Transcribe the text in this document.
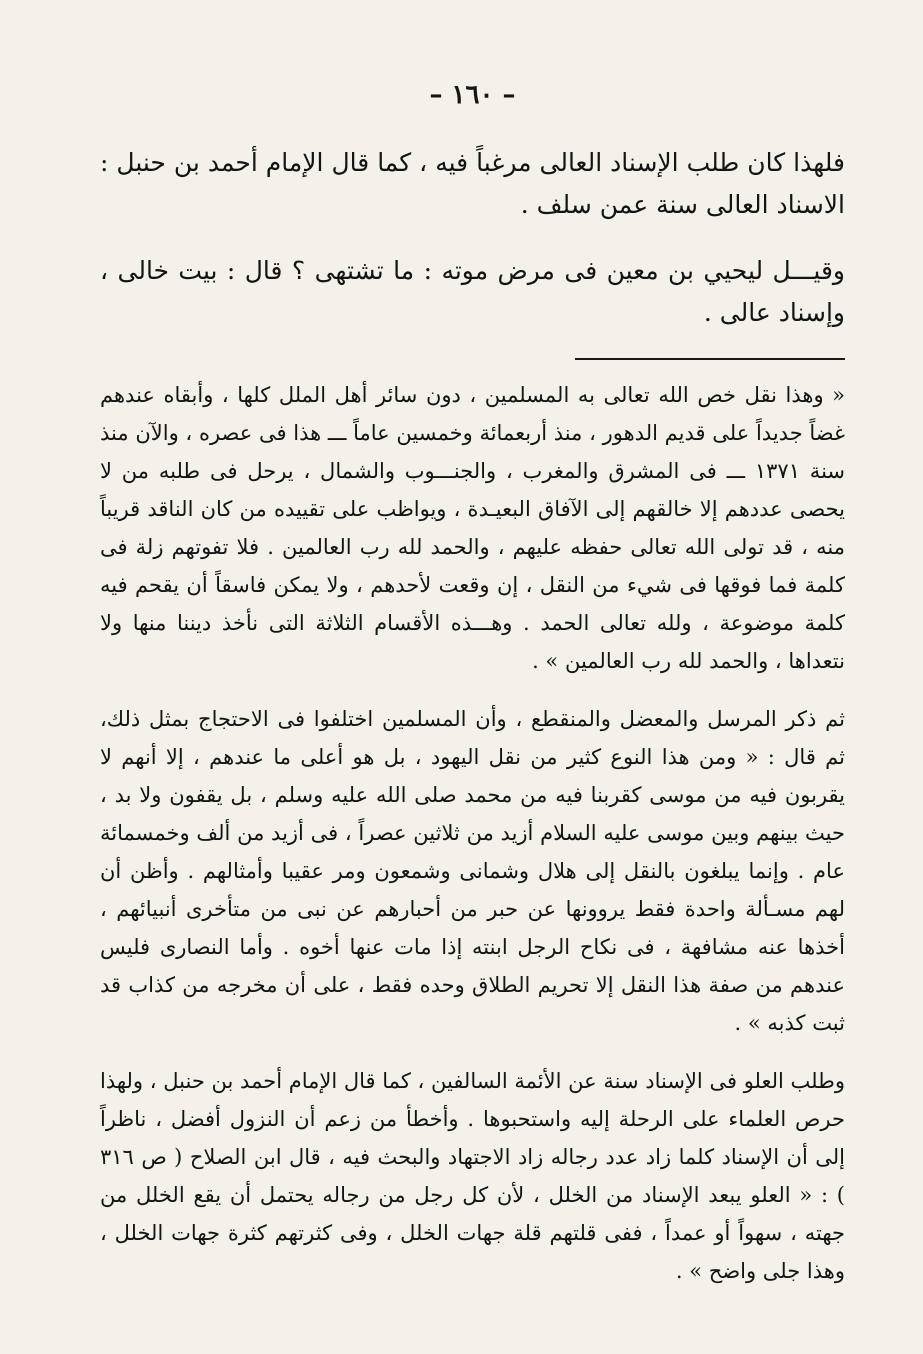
– ١٦٠ –

فلهذا كان طلب الإسناد العالى مرغباً فيه ، كما قال الإمام أحمد بن حنبل : الاسناد العالى سنة عمن سلف .

وقيـــل ليحيي بن معين فى مرض موته : ما تشتهى ؟ قال : بيت خالى ، وإسناد عالى .

« وهذا نقل خص الله تعالى به المسلمين ، دون سائر أهل الملل كلها ، وأبقاه عندهم غضاً جديداً على قديم الدهور ، منذ أربعمائة وخمسين عاماً ـــ هذا فى عصره ، والآن منذ سنة ١٣٧١ ـــ فى المشرق والمغرب ، والجنـــوب والشمال ، يرحل فى طلبه من لا يحصى عددهم إلا خالقهم إلى الآفاق البعيـدة ، ويواظب على تقييده من كان الناقد قريباً منه ، قد تولى الله تعالى حفظه عليهم ، والحمد لله رب العالمين . فلا تفوتهم زلة فى كلمة فما فوقها فى شيء من النقل ، إن وقعت لأحدهم ، ولا يمكن فاسقاً أن يقحم فيه كلمة موضوعة ، ولله تعالى الحمد . وهـــذه الأقسام الثلاثة التى نأخذ ديننا منها ولا نتعداها ، والحمد لله رب العالمين » .

ثم ذكر المرسل والمعضل والمنقطع ، وأن المسلمين اختلفوا فى الاحتجاج بمثل ذلك، ثم قال : « ومن هذا النوع كثير من نقل اليهود ، بل هو أعلى ما عندهم ، إلا أنهم لا يقربون فيه من موسى كقربنا فيه من محمد صلى الله عليه وسلم ، بل يقفون ولا بد ، حيث بينهم وبين موسى عليه السلام أزيد من ثلاثين عصراً ، فى أزيد من ألف وخمسمائة عام . وإنما يبلغون بالنقل إلى هلال وشمانى وشمعون ومر عقيبا وأمثالهم . وأظن أن لهم مسـألة واحدة فقط يروونها عن حبر من أحبارهم عن نبى من متأخرى أنبيائهم ، أخذها عنه مشافهة ، فى نكاح الرجل ابنته إذا مات عنها أخوه . وأما النصارى فليس عندهم من صفة هذا النقل إلا تحريم الطلاق وحده فقط ، على أن مخرجه من كذاب قد ثبت كذبه » .

وطلب العلو فى الإسناد سنة عن الأئمة السالفين ، كما قال الإمام أحمد بن حنبل ، ولهذا حرص العلماء على الرحلة إليه واستحبوها . وأخطأ من زعم أن النزول أفضل ، ناظراً إلى أن الإسناد كلما زاد عدد رجاله زاد الاجتهاد والبحث فيه ، قال ابن الصلاح ( ص ٣١٦ ) : « العلو يبعد الإسناد من الخلل ، لأن كل رجل من رجاله يحتمل أن يقع الخلل من جهته ، سهواً أو عمداً ، ففى قلتهم قلة جهات الخلل ، وفى كثرتهم كثرة جهات الخلل ، وهذا جلى واضح » .
